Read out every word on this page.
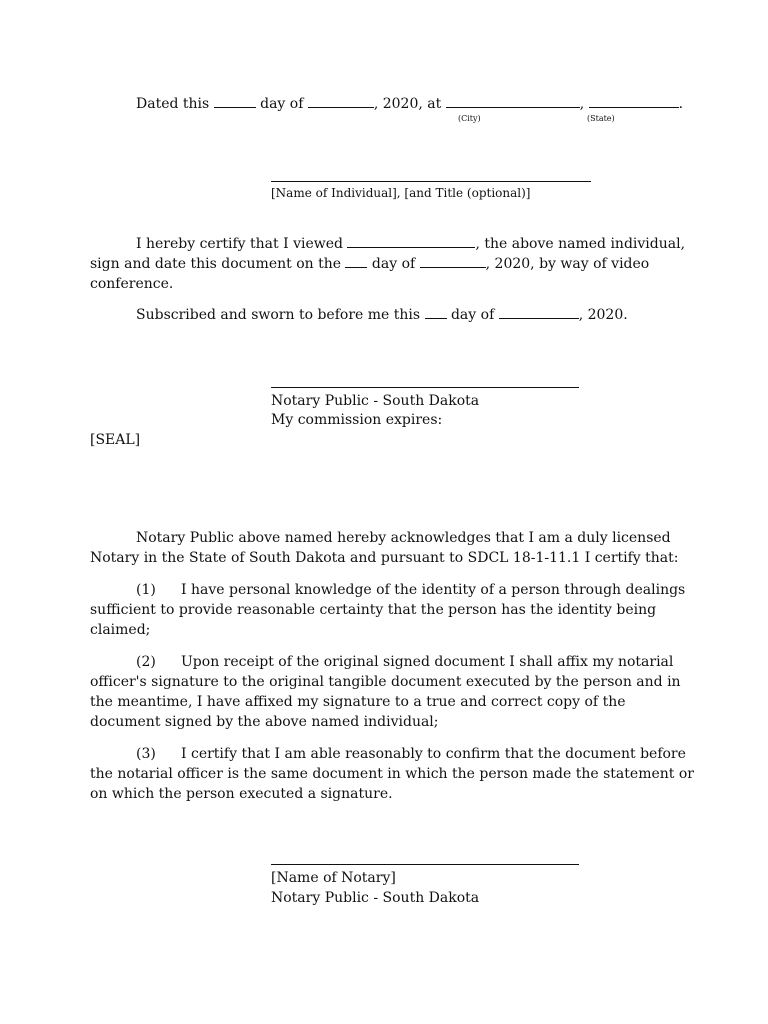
Dated this	day of	, 2020, at	,	.
(City)	(State)
[Name of Individual], [and Title (optional)]
I hereby certify that I viewed	, the above named individual,
sign and date this document on the day of	, 2020, by way of video
conference.
Subscribed and sworn to before me this day of	, 2020.
Notary Public - South Dakota
My commission expires:
[SEAL]
Notary Public above named hereby acknowledges that I am a duly licensed
Notary in the State of South Dakota and pursuant to SDCL 18-1-11.1 I certify that:
(1) I have personal knowledge of the identity of a person through dealings
sufficient to provide reasonable certainty that the person has the identity being
claimed;
(2) Upon receipt of the original signed document I shall affix my notarial
officer's signature to the original tangible document executed by the person and in
the meantime, I have affixed my signature to a true and correct copy of the
document signed by the above named individual;
(3) I certify that I am able reasonably to confirm that the document before
the notarial officer is the same document in which the person made the statement or
on which the person executed a signature.
[Name of Notary]
Notary Public - South Dakota
